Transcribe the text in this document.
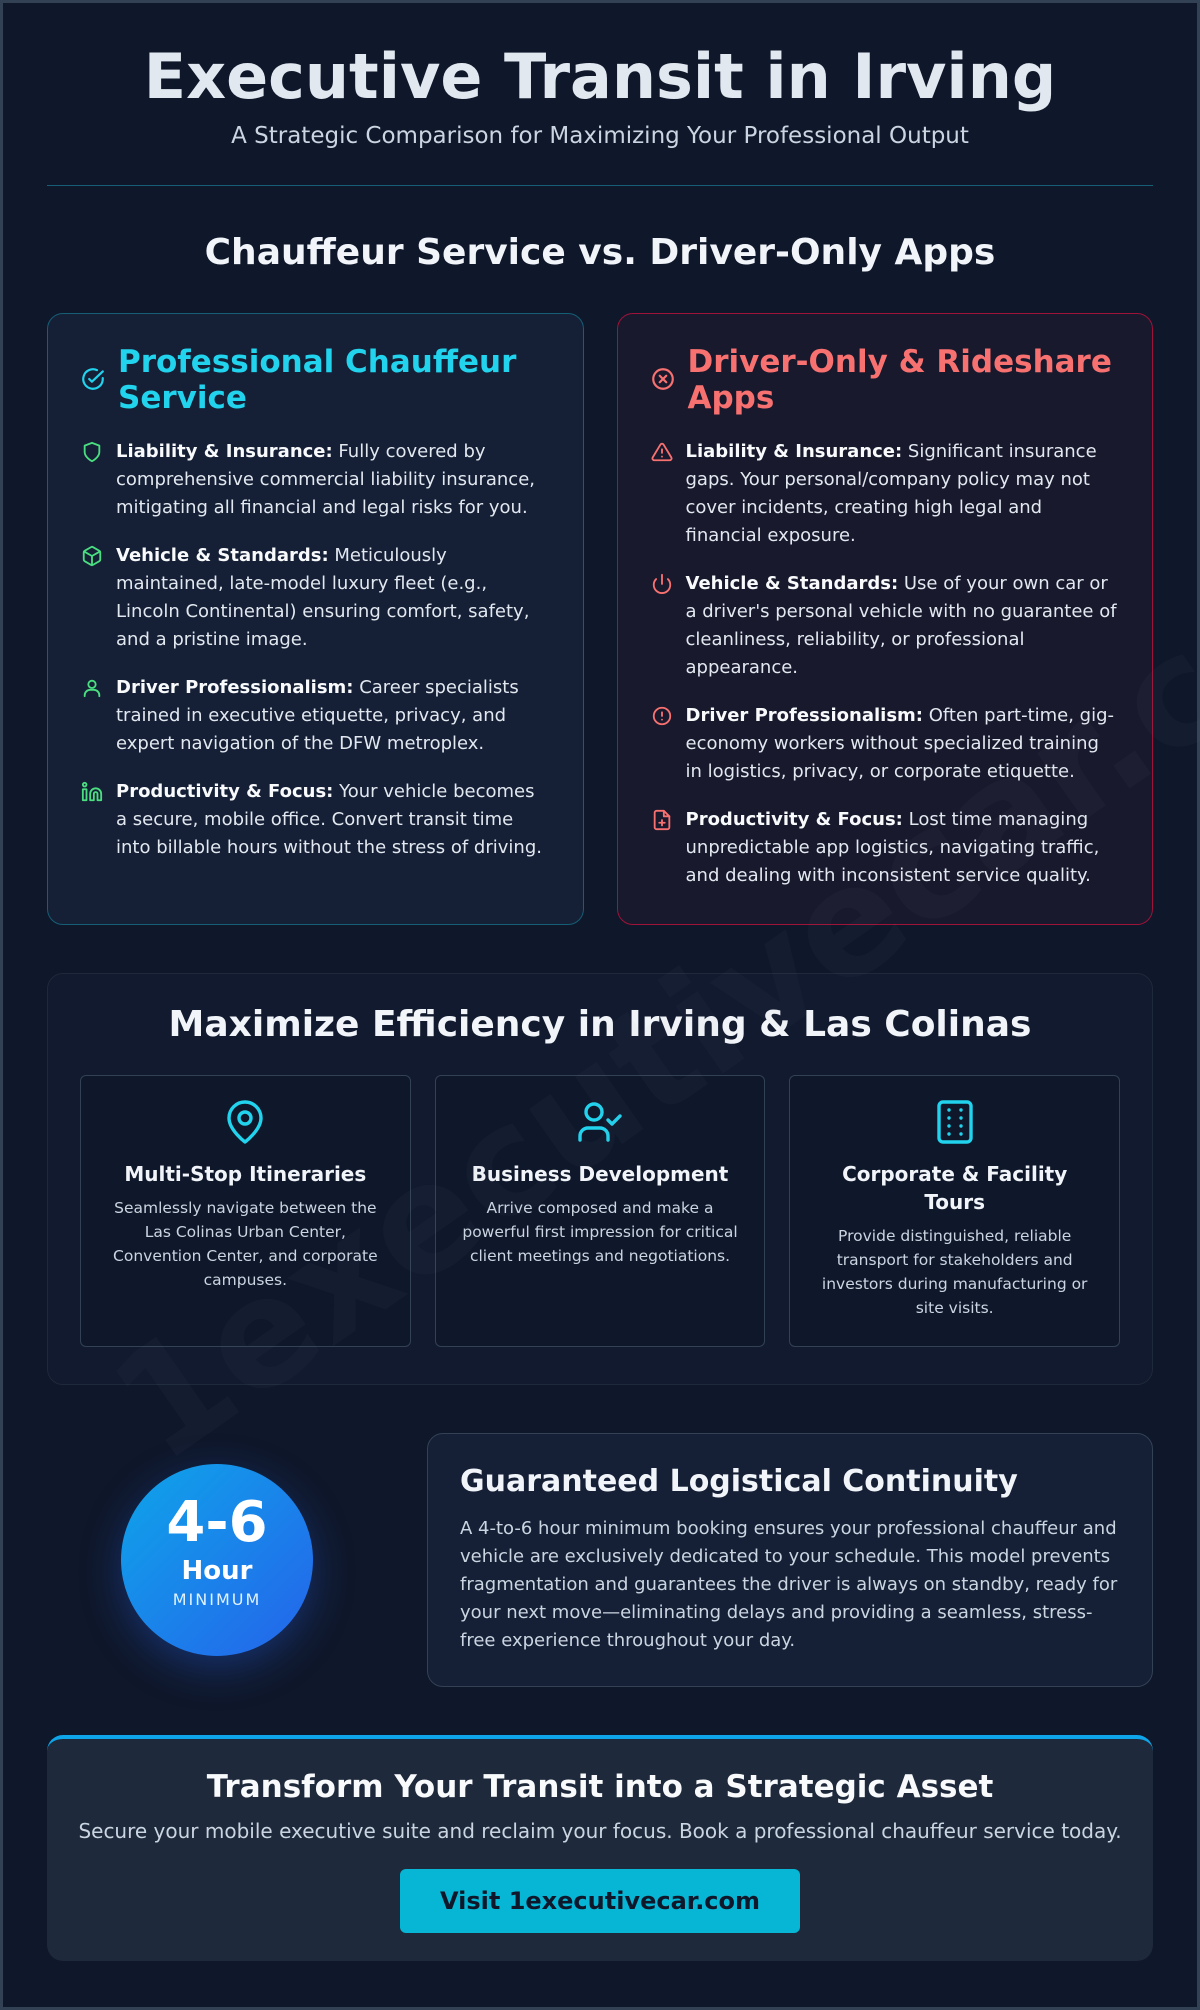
Executive Transit in Irving
A Strategic Comparison for Maximizing Your Professional Output
Chauffeur Service vs. Driver-Only Apps
Professional Chauffeur Service

Liability & Insurance: Fully covered by comprehensive commercial liability insurance, mitigating all financial and legal risks for you.

Vehicle & Standards: Meticulously maintained, late-model luxury fleet (e.g., Lincoln Continental) ensuring comfort, safety, and a pristine image.

Driver Professionalism: Career specialists trained in executive etiquette, privacy, and expert navigation of the DFW metroplex.

Productivity & Focus: Your vehicle becomes a secure, mobile office. Convert transit time into billable hours without the stress of driving.

Driver-Only & Rideshare Apps

Liability & Insurance: Significant insurance gaps. Your personal/company policy may not cover incidents, creating high legal and financial exposure.

Vehicle & Standards: Use of your own car or a driver's personal vehicle with no guarantee of cleanliness, reliability, or professional appearance.

Driver Professionalism: Often part-time, gig-economy workers without specialized training in logistics, privacy, or corporate etiquette.

Productivity & Focus: Lost time managing unpredictable app logistics, navigating traffic, and dealing with inconsistent service quality.

Maximize Efficiency in Irving & Las Colinas
Multi-Stop Itineraries
Seamlessly navigate between the Las Colinas Urban Center, Convention Center, and corporate campuses.
Business Development
Arrive composed and make a powerful first impression for critical client meetings and negotiations.
Corporate & Facility Tours
Provide distinguished, reliable transport for stakeholders and investors during manufacturing or site visits.
4-6
Hour
MINIMUM
Guaranteed Logistical Continuity

A 4-to-6 hour minimum booking ensures your professional chauffeur and vehicle are exclusively dedicated to your schedule. This model prevents fragmentation and guarantees the driver is always on standby, ready for your next move—eliminating delays and providing a seamless, stress-free experience throughout your day.

Transform Your Transit into a Strategic Asset

Secure your mobile executive suite and reclaim your focus. Book a professional chauffeur service today.

Visit 1executivecar.com
